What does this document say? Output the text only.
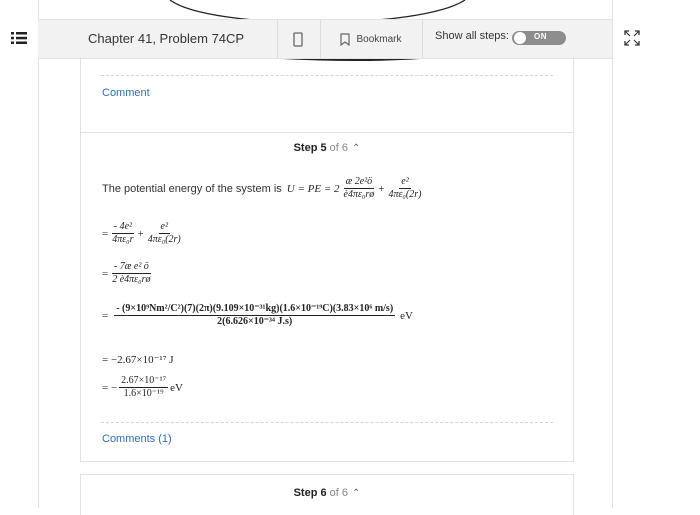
Chapter 41, Problem 74CP	Bookmark	Show all steps:	ON
Comment
Step 5 of 6 ⌃
The potential energy of the system is U = PE = $2 \frac{\text{æ 2e²ö}}{\text{è4πε₀rø}} + \frac{\text{e²}}{\text{4πε₀(2r)}}$
= $\frac{\text{- 4e²}}{\text{4πε₀r}} + \frac{\text{e²}}{\text{4πε₀(2r)}}$
= $\frac{\text{- 7æ e² ö}}{\text{2 è4πε₀rø}}$
=
- (9×10⁹Nm²/C²)(7)(2π)(9.109×10⁻³¹kg)(1.6×10⁻¹⁹C)(3.83×10⁶ m/s)
2(6.626×10⁻³⁴ J.s)	eV
= −2.67×10⁻¹⁷ J
= − $\frac{\text{2.67×10⁻¹⁷}}{\text{1.6×10⁻¹⁹}}$ eV
Comments (1)
Step 6 of 6 ⌃
